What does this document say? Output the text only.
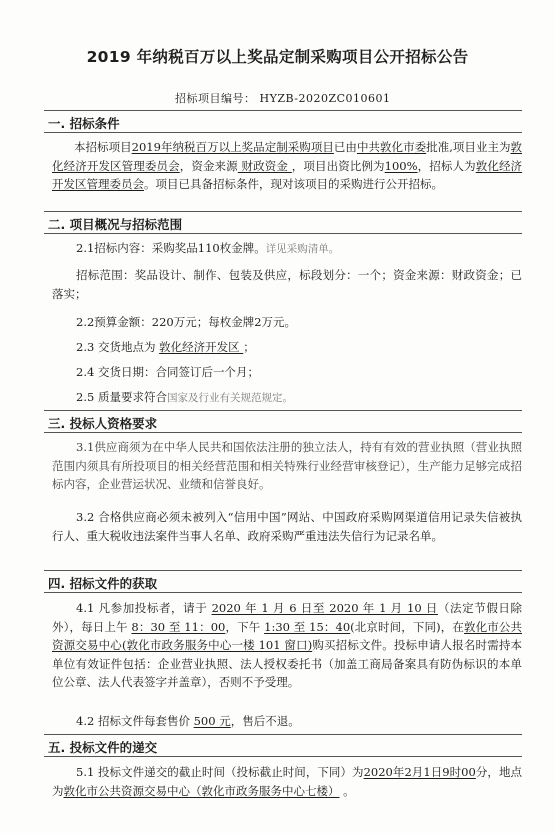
2019 年纳税百万以上奖品定制采购项目公开招标公告
招标项目编号： HYZB-2020ZC010601
一. 招标条件
本招标项目2019年纳税百万以上奖品定制采购项目已由中共敦化市委批准,项目业主为敦化经济开发区管理委员会，资金来源 财政资金 ，项目出资比例为100%，招标人为敦化经济开发区管理委员会。项目已具备招标条件，现对该项目的采购进行公开招标。
二. 项目概况与招标范围
2.1招标内容：采购奖品110枚金牌。详见采购清单。
招标范围：奖品设计、制作、包装及供应，标段划分：一个；资金来源：财政资金；已落实；
2.2预算金额：220万元；每枚金牌2万元。
2.3 交货地点为 敦化经济开发区 ；
2.4 交货日期：合同签订后一个月；
2.5 质量要求符合国家及行业有关规范规定。
三. 投标人资格要求
3.1供应商须为在中华人民共和国依法注册的独立法人，持有有效的营业执照（营业执照范围内须具有所投项目的相关经营范围和相关特殊行业经营审核登记），生产能力足够完成招标内容，企业营运状况、业绩和信誉良好。
3.2 合格供应商必须未被列入“信用中国”网站、中国政府采购网渠道信用记录失信被执行人、重大税收违法案件当事人名单、政府采购严重违法失信行为记录名单。
四. 招标文件的获取
4.1 凡参加投标者，请于 2020 年 1 月 6 日至 2020 年 1 月 10 日（法定节假日除外），每日上午 8：30 至 11：00，下午 1:30 至 15：40(北京时间，下同)，在敦化市公共资源交易中心(敦化市政务服务中心一楼 101 窗口)购买招标文件。投标申请人报名时需持本单位有效证件包括：企业营业执照、法人授权委托书（加盖工商局备案具有防伪标识的本单位公章、法人代表签字并盖章），否则不予受理。
4.2 招标文件每套售价 500 元，售后不退。
五. 投标文件的递交
5.1 投标文件递交的截止时间（投标截止时间，下同）为2020年2月1日9时00分，地点为敦化市公共资源交易中心（敦化市政务服务中心七楼） 。
